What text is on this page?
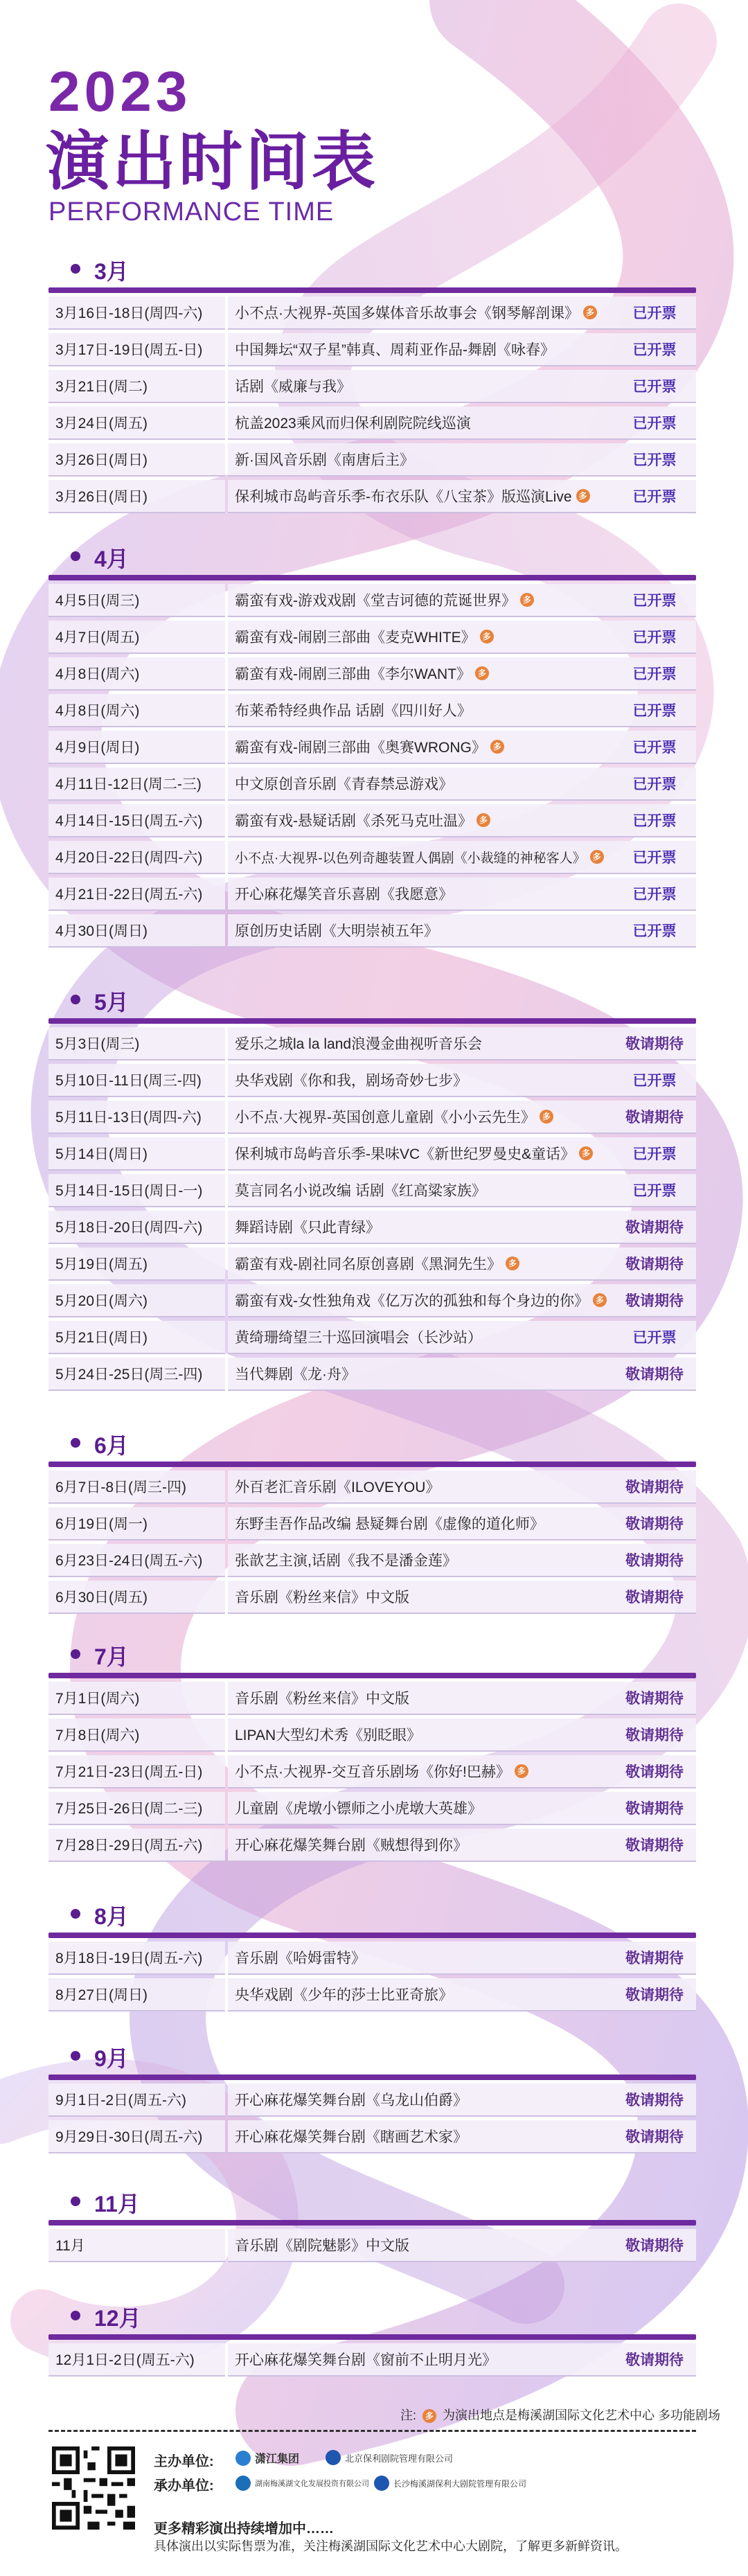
2023
演出时间表
PERFORMANCE TIME
3月
3月16日-18日(周四-六)	小不点·大视界-英国多媒体音乐故事会《钢琴解剖课》 多	已开票
3月17日-19日(周五-日)	中国舞坛“双子星”韩真、周莉亚作品-舞剧《咏春》	已开票
3月21日(周二)	话剧《威廉与我》	已开票
3月24日(周五)	杭盖2023乘风而归保利剧院院线巡演	已开票
3月26日(周日)	新·国风音乐剧《南唐后主》	已开票
3月26日(周日)	保利城市岛屿音乐季-布衣乐队《八宝茶》版巡演Live 多	已开票
4月
4月5日(周三)	霸蛮有戏-游戏戏剧《堂吉诃德的荒诞世界》 多	已开票
4月7日(周五)	霸蛮有戏-闹剧三部曲《麦克WHITE》 多	已开票
4月8日(周六)	霸蛮有戏-闹剧三部曲《李尔WANT》 多	已开票
4月8日(周六)	布莱希特经典作品 话剧《四川好人》	已开票
4月9日(周日)	霸蛮有戏-闹剧三部曲《奥赛WRONG》 多	已开票
4月11日-12日(周二-三)	中文原创音乐剧《青春禁忌游戏》	已开票
4月14日-15日(周五-六)	霸蛮有戏-悬疑话剧《杀死马克吐温》 多	已开票
4月20日-22日(周四-六)	小不点·大视界-以色列奇趣装置人偶剧《小裁缝的神秘客人》 多	已开票
4月21日-22日(周五-六)	开心麻花爆笑音乐喜剧《我愿意》	已开票
4月30日(周日)	原创历史话剧《大明崇祯五年》	已开票
5月
5月3日(周三)	爱乐之城la la land浪漫金曲视听音乐会	敬请期待
5月10日-11日(周三-四)	央华戏剧《你和我，剧场奇妙七步》	已开票
5月11日-13日(周四-六)	小不点·大视界-英国创意儿童剧《小小云先生》 多	敬请期待
5月14日(周日)	保利城市岛屿音乐季-果味VC《新世纪罗曼史&童话》 多	已开票
5月14日-15日(周日-一)	莫言同名小说改编 话剧《红高粱家族》	已开票
5月18日-20日(周四-六)	舞蹈诗剧《只此青绿》	敬请期待
5月19日(周五)	霸蛮有戏-剧社同名原创喜剧《黑洞先生》 多	敬请期待
5月20日(周六)	霸蛮有戏-女性独角戏《亿万次的孤独和每个身边的你》 多	敬请期待
5月21日(周日)	黄绮珊绮望三十巡回演唱会（长沙站）	已开票
5月24日-25日(周三-四)	当代舞剧《龙·舟》	敬请期待
6月
6月7日-8日(周三-四)	外百老汇音乐剧《ILOVEYOU》	敬请期待
6月19日(周一)	东野圭吾作品改编 悬疑舞台剧《虚像的道化师》	敬请期待
6月23日-24日(周五-六)	张歆艺主演,话剧《我不是潘金莲》	敬请期待
6月30日(周五)	音乐剧《粉丝来信》中文版	敬请期待
7月
7月1日(周六)	音乐剧《粉丝来信》中文版	敬请期待
7月8日(周六)	LIPAN大型幻术秀《别眨眼》	敬请期待
7月21日-23日(周五-日)	小不点·大视界-交互音乐剧场《你好!巴赫》 多	敬请期待
7月25日-26日(周二-三)	儿童剧《虎墩小镖师之小虎墩大英雄》	敬请期待
7月28日-29日(周五-六)	开心麻花爆笑舞台剧《贼想得到你》	敬请期待
8月
8月18日-19日(周五-六)	音乐剧《哈姆雷特》	敬请期待
8月27日(周日)	央华戏剧《少年的莎士比亚奇旅》	敬请期待
9月
9月1日-2日(周五-六)	开心麻花爆笑舞台剧《乌龙山伯爵》	敬请期待
9月29日-30日(周五-六)	开心麻花爆笑舞台剧《瞎画艺术家》	敬请期待
11月
11月	音乐剧《剧院魅影》中文版	敬请期待
12月
12月1日-2日(周五-六)	开心麻花爆笑舞台剧《窗前不止明月光》	敬请期待
注: 多 为演出地点是梅溪湖国际文化艺术中心 多功能剧场
主办单位:	潇江集团	北京保利剧院管理有限公司
承办单位:	湖南梅溪湖文化发展投资有限公司	长沙梅溪湖保利大剧院管理有限公司
更多精彩演出持续增加中……
具体演出以实际售票为准，关注梅溪湖国际文化艺术中心大剧院，了解更多新鲜资讯。
